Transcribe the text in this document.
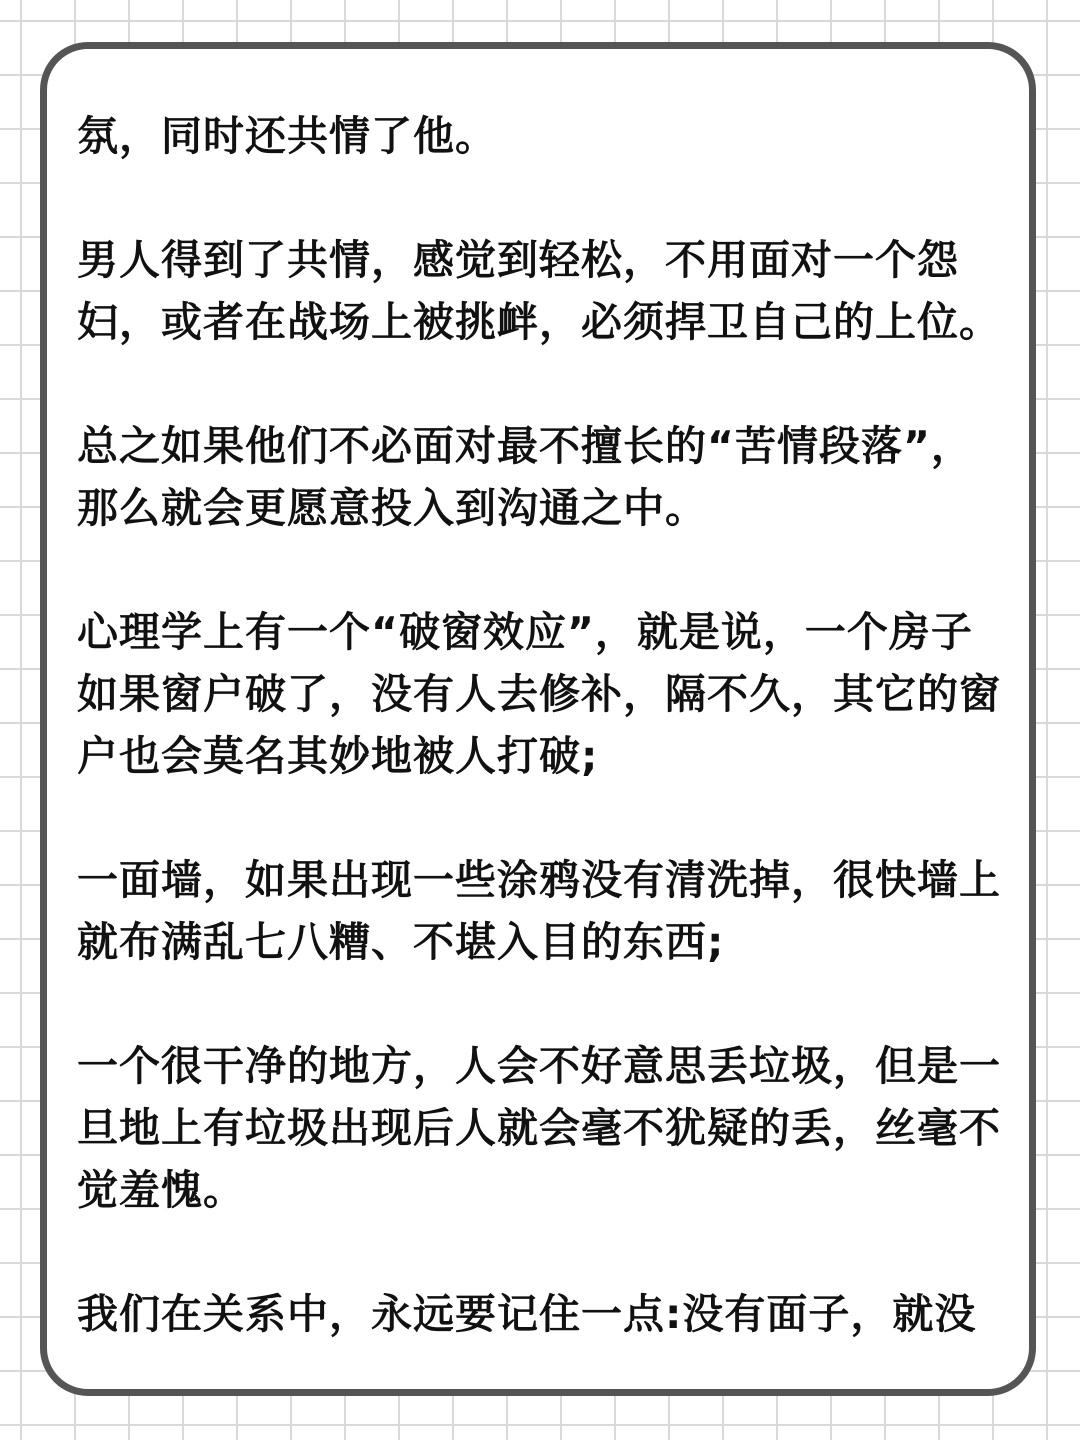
氛，同时还共情了他。

男人得到了共情，感觉到轻松，不用面对一个怨妇，或者在战场上被挑衅，必须捍卫自己的上位。

总之如果他们不必面对最不擅长的“苦情段落”，那么就会更愿意投入到沟通之中。

心理学上有一个“破窗效应”，就是说，一个房子如果窗户破了，没有人去修补，隔不久，其它的窗户也会莫名其妙地被人打破;

一面墙，如果出现一些涂鸦没有清洗掉，很快墙上就布满乱七八糟、不堪入目的东西;

一个很干净的地方，人会不好意思丢垃圾，但是一旦地上有垃圾出现后人就会毫不犹疑的丢，丝毫不觉羞愧。

我们在关系中，永远要记住一点:没有面子，就没
